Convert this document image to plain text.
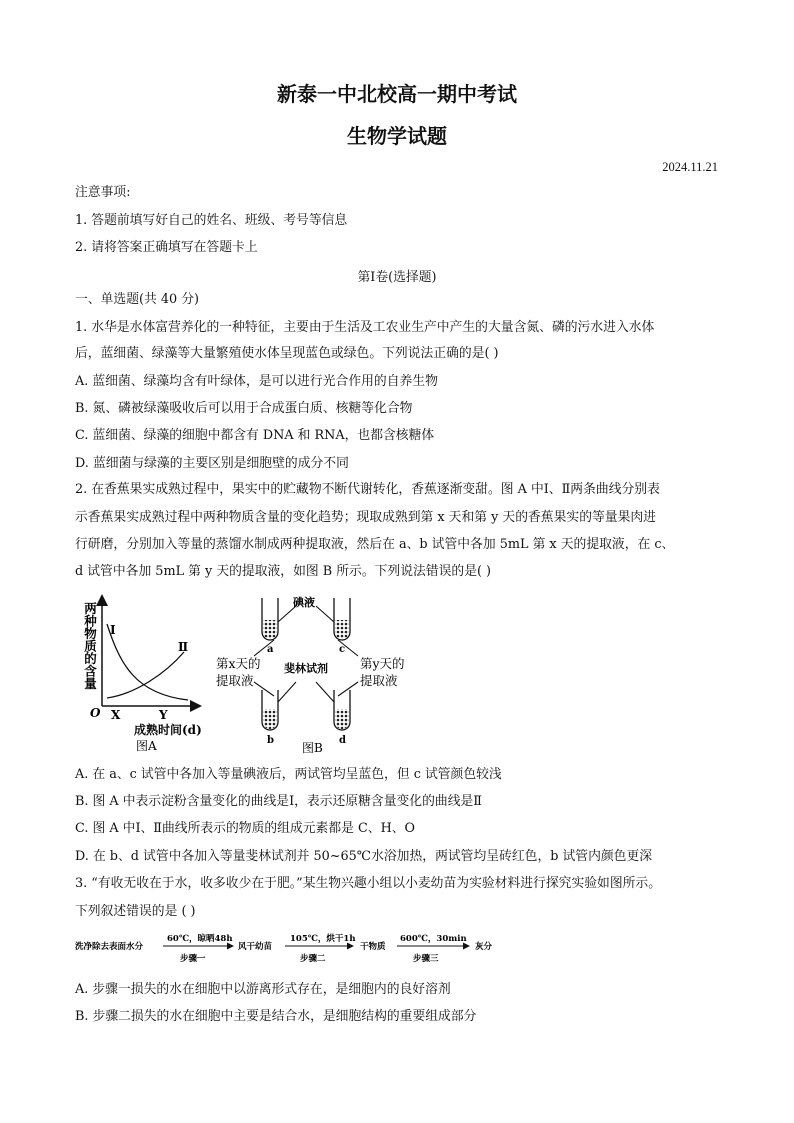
新泰一中北校高一期中考试
生物学试题
2024.11.21
注意事项:
1. 答题前填写好自己的姓名、班级、考号等信息
2. 请将答案正确填写在答题卡上
第Ⅰ卷(选择题)
一、单选题(共 40 分)
1. 水华是水体富营养化的一种特征，主要由于生活及工农业生产中产生的大量含氮、磷的污水进入水体
后，蓝细菌、绿藻等大量繁殖使水体呈现蓝色或绿色。下列说法正确的是( )
A. 蓝细菌、绿藻均含有叶绿体，是可以进行光合作用的自养生物
B. 氮、磷被绿藻吸收后可以用于合成蛋白质、核糖等化合物
C. 蓝细菌、绿藻的细胞中都含有 DNA 和 RNA，也都含核糖体
D. 蓝细菌与绿藻的主要区别是细胞壁的成分不同
2. 在香蕉果实成熟过程中，果实中的贮藏物不断代谢转化，香蕉逐渐变甜。图 A 中Ⅰ、Ⅱ两条曲线分别表
示香蕉果实成熟过程中两种物质含量的变化趋势；现取成熟到第 x 天和第 y 天的香蕉果实的等量果肉进
行研磨，分别加入等量的蒸馏水制成两种提取液，然后在 a、b 试管中各加 5mL 第 x 天的提取液，在 c、
d 试管中各加 5mL 第 y 天的提取液，如图 B 所示。下列说法错误的是( )
两种物质的含量 Ⅰ
Ⅱ
O X	Y
成熟时间(d)
图A
a	c
b	d
碘液
斐林试剂
第x天的
提取液
第y天的
提取液
图B
A. 在 a、c 试管中各加入等量碘液后，两试管均呈蓝色，但 c 试管颜色较浅
B. 图 A 中表示淀粉含量变化的曲线是Ⅰ，表示还原糖含量变化的曲线是Ⅱ
C. 图 A 中Ⅰ、Ⅱ曲线所表示的物质的组成元素都是 C、H、O
D. 在 b、d 试管中各加入等量斐林试剂并 50~65℃水浴加热，两试管均呈砖红色，b 试管内颜色更深
3. “有收无收在于水，收多收少在于肥。”某生物兴趣小组以小麦幼苗为实验材料进行探究实验如图所示。
下列叙述错误的是 ( )
洗净除去表面水分
60℃，晾晒48h
步骤一
风干幼苗
105℃，烘干1h
步骤二
干物质
600℃，30min
步骤三
灰分
A. 步骤一损失的水在细胞中以游离形式存在，是细胞内的良好溶剂
B. 步骤二损失的水在细胞中主要是结合水，是细胞结构的重要组成部分
